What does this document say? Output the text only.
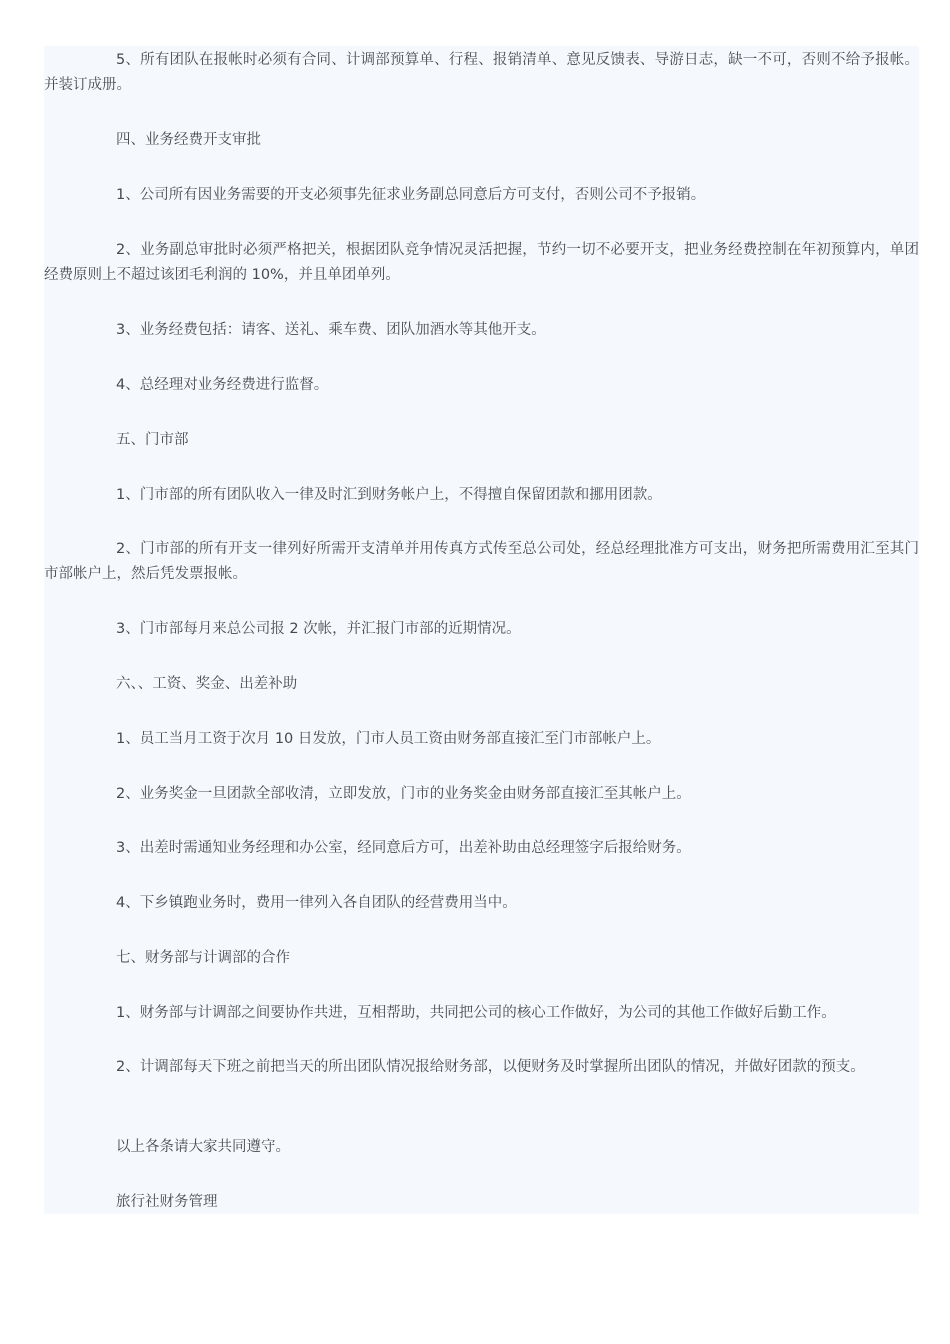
5、所有团队在报帐时必须有合同、计调部预算单、行程、报销清单、意见反馈表、导游日志，缺一不可，否则不给予报帐。并装订成册。

四、业务经费开支审批

1、公司所有因业务需要的开支必须事先征求业务副总同意后方可支付，否则公司不予报销。

2、业务副总审批时必须严格把关，根据团队竞争情况灵活把握，节约一切不必要开支，把业务经费控制在年初预算内，单团经费原则上不超过该团毛利润的 10%，并且单团单列。

3、业务经费包括：请客、送礼、乘车费、团队加酒水等其他开支。

4、总经理对业务经费进行监督。

五、门市部

1、门市部的所有团队收入一律及时汇到财务帐户上，不得擅自保留团款和挪用团款。

2、门市部的所有开支一律列好所需开支清单并用传真方式传至总公司处，经总经理批准方可支出，财务把所需费用汇至其门市部帐户上，然后凭发票报帐。

3、门市部每月来总公司报 2 次帐，并汇报门市部的近期情况。

六、、工资、奖金、出差补助

1、员工当月工资于次月 10 日发放，门市人员工资由财务部直接汇至门市部帐户上。

2、业务奖金一旦团款全部收清，立即发放，门市的业务奖金由财务部直接汇至其帐户上。

3、出差时需通知业务经理和办公室，经同意后方可，出差补助由总经理签字后报给财务。

4、下乡镇跑业务时，费用一律列入各自团队的经营费用当中。

七、财务部与计调部的合作

1、财务部与计调部之间要协作共进，互相帮助，共同把公司的核心工作做好，为公司的其他工作做好后勤工作。

2、计调部每天下班之前把当天的所出团队情况报给财务部，以便财务及时掌握所出团队的情况，并做好团款的预支。

以上各条请大家共同遵守。

旅行社财务管理
